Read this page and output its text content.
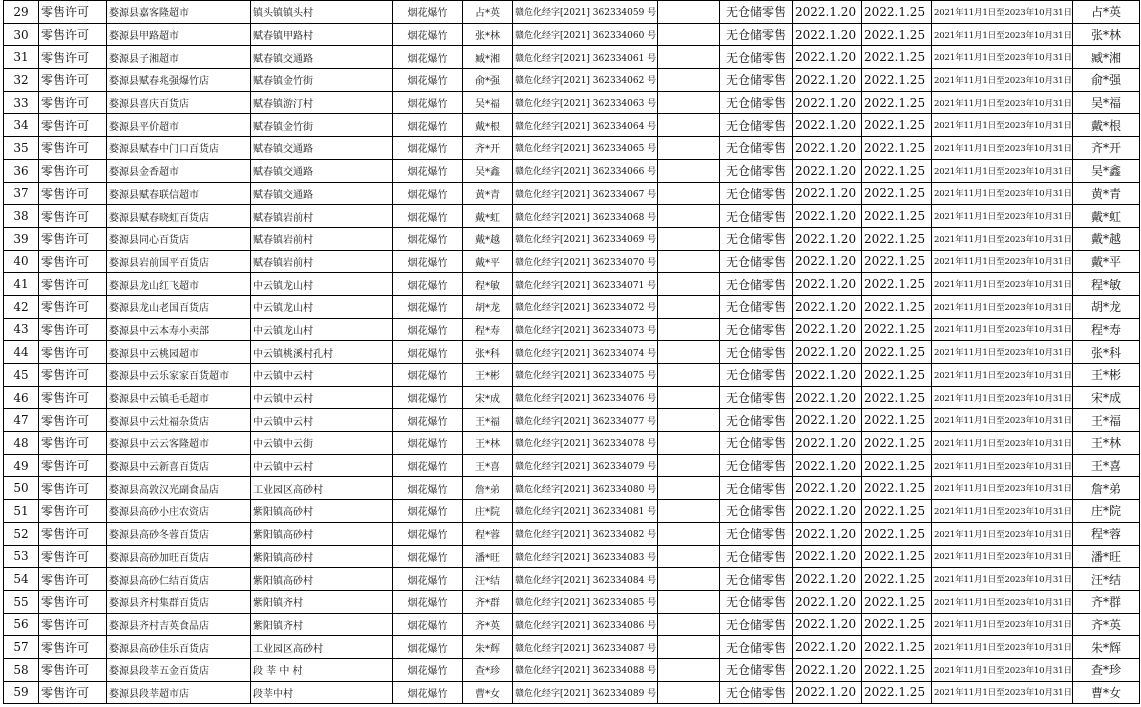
29	零售许可	婺源县嘉客隆超市	镇头镇镇头村	烟花爆竹	占*英	赣危化经字[2021] 362334059 号		无仓储零售	2022.1.20	2022.1.25	2021年11月1日至2023年10月31日	占*英
30	零售许可	婺源县甲路超市	赋春镇甲路村	烟花爆竹	张*林	赣危化经字[2021] 362334060 号		无仓储零售	2022.1.20	2022.1.25	2021年11月1日至2023年10月31日	张*林
31	零售许可	婺源县子湘超市	赋春镇交通路	烟花爆竹	臧*湘	赣危化经字[2021] 362334061 号		无仓储零售	2022.1.20	2022.1.25	2021年11月1日至2023年10月31日	臧*湘
32	零售许可	婺源县赋春兆强爆竹店	赋春镇金竹街	烟花爆竹	俞*强	赣危化经字[2021] 362334062 号		无仓储零售	2022.1.20	2022.1.25	2021年11月1日至2023年10月31日	俞*强
33	零售许可	婺源县喜庆百货店	赋春镇游汀村	烟花爆竹	吴*福	赣危化经字[2021] 362334063 号		无仓储零售	2022.1.20	2022.1.25	2021年11月1日至2023年10月31日	吴*福
34	零售许可	婺源县平价超市	赋春镇金竹街	烟花爆竹	戴*根	赣危化经字[2021] 362334064 号		无仓储零售	2022.1.20	2022.1.25	2021年11月1日至2023年10月31日	戴*根
35	零售许可	婺源县赋春中门口百货店	赋春镇交通路	烟花爆竹	齐*开	赣危化经字[2021] 362334065 号		无仓储零售	2022.1.20	2022.1.25	2021年11月1日至2023年10月31日	齐*开
36	零售许可	婺源县金香超市	赋春镇交通路	烟花爆竹	吴*鑫	赣危化经字[2021] 362334066 号		无仓储零售	2022.1.20	2022.1.25	2021年11月1日至2023年10月31日	吴*鑫
37	零售许可	婺源县赋春联信超市	赋春镇交通路	烟花爆竹	黄*青	赣危化经字[2021] 362334067 号		无仓储零售	2022.1.20	2022.1.25	2021年11月1日至2023年10月31日	黄*青
38	零售许可	婺源县赋春晓虹百货店	赋春镇岩前村	烟花爆竹	戴*虹	赣危化经字[2021] 362334068 号		无仓储零售	2022.1.20	2022.1.25	2021年11月1日至2023年10月31日	戴*虹
39	零售许可	婺源县同心百货店	赋春镇岩前村	烟花爆竹	戴*越	赣危化经字[2021] 362334069 号		无仓储零售	2022.1.20	2022.1.25	2021年11月1日至2023年10月31日	戴*越
40	零售许可	婺源县岩前国平百货店	赋春镇岩前村	烟花爆竹	戴*平	赣危化经字[2021] 362334070 号		无仓储零售	2022.1.20	2022.1.25	2021年11月1日至2023年10月31日	戴*平
41	零售许可	婺源县龙山红飞超市	中云镇龙山村	烟花爆竹	程*敏	赣危化经字[2021] 362334071 号		无仓储零售	2022.1.20	2022.1.25	2021年11月1日至2023年10月31日	程*敏
42	零售许可	婺源县龙山老国百货店	中云镇龙山村	烟花爆竹	胡*龙	赣危化经字[2021] 362334072 号		无仓储零售	2022.1.20	2022.1.25	2021年11月1日至2023年10月31日	胡*龙
43	零售许可	婺源县中云本寿小卖部	中云镇龙山村	烟花爆竹	程*寿	赣危化经字[2021] 362334073 号		无仓储零售	2022.1.20	2022.1.25	2021年11月1日至2023年10月31日	程*寿
44	零售许可	婺源县中云桃园超市	中云镇桃溪村孔村	烟花爆竹	张*科	赣危化经字[2021] 362334074 号		无仓储零售	2022.1.20	2022.1.25	2021年11月1日至2023年10月31日	张*科
45	零售许可	婺源县中云乐家家百货超市	中云镇中云村	烟花爆竹	王*彬	赣危化经字[2021] 362334075 号		无仓储零售	2022.1.20	2022.1.25	2021年11月1日至2023年10月31日	王*彬
46	零售许可	婺源县中云镇毛毛超市	中云镇中云村	烟花爆竹	宋*成	赣危化经字[2021] 362334076 号		无仓储零售	2022.1.20	2022.1.25	2021年11月1日至2023年10月31日	宋*成
47	零售许可	婺源县中云灶福杂货店	中云镇中云村	烟花爆竹	王*福	赣危化经字[2021] 362334077 号		无仓储零售	2022.1.20	2022.1.25	2021年11月1日至2023年10月31日	王*福
48	零售许可	婺源县中云云客隆超市	中云镇中云街	烟花爆竹	王*林	赣危化经字[2021] 362334078 号		无仓储零售	2022.1.20	2022.1.25	2021年11月1日至2023年10月31日	王*林
49	零售许可	婺源县中云新喜百货店	中云镇中云村	烟花爆竹	王*喜	赣危化经字[2021] 362334079 号		无仓储零售	2022.1.20	2022.1.25	2021年11月1日至2023年10月31日	王*喜
50	零售许可	婺源县高敦汉光副食品店	工业园区高砂村	烟花爆竹	詹*弟	赣危化经字[2021] 362334080 号		无仓储零售	2022.1.20	2022.1.25	2021年11月1日至2023年10月31日	詹*弟
51	零售许可	婺源县高砂小庄农资店	紫阳镇高砂村	烟花爆竹	庄*院	赣危化经字[2021] 362334081 号		无仓储零售	2022.1.20	2022.1.25	2021年11月1日至2023年10月31日	庄*院
52	零售许可	婺源县高砂冬蓉百货店	紫阳镇高砂村	烟花爆竹	程*蓉	赣危化经字[2021] 362334082 号		无仓储零售	2022.1.20	2022.1.25	2021年11月1日至2023年10月31日	程*蓉
53	零售许可	婺源县高砂加旺百货店	紫阳镇高砂村	烟花爆竹	潘*旺	赣危化经字[2021] 362334083 号		无仓储零售	2022.1.20	2022.1.25	2021年11月1日至2023年10月31日	潘*旺
54	零售许可	婺源县高砂仁结百货店	紫阳镇高砂村	烟花爆竹	汪*结	赣危化经字[2021] 362334084 号		无仓储零售	2022.1.20	2022.1.25	2021年11月1日至2023年10月31日	汪*结
55	零售许可	婺源县齐村集群百货店	紫阳镇齐村	烟花爆竹	齐*群	赣危化经字[2021] 362334085 号		无仓储零售	2022.1.20	2022.1.25	2021年11月1日至2023年10月31日	齐*群
56	零售许可	婺源县齐村吉英食品店	紫阳镇齐村	烟花爆竹	齐*英	赣危化经字[2021] 362334086 号		无仓储零售	2022.1.20	2022.1.25	2021年11月1日至2023年10月31日	齐*英
57	零售许可	婺源县高砂佳乐百货店	工业园区高砂村	烟花爆竹	朱*辉	赣危化经字[2021] 362334087 号		无仓储零售	2022.1.20	2022.1.25	2021年11月1日至2023年10月31日	朱*辉
58	零售许可	婺源县段莘五金百货店	段 莘 中 村	烟花爆竹	查*珍	赣危化经字[2021] 362334088 号		无仓储零售	2022.1.20	2022.1.25	2021年11月1日至2023年10月31日	查*珍
59	零售许可	婺源县段莘超市店	段莘中村	烟花爆竹	曹*女	赣危化经字[2021] 362334089 号		无仓储零售	2022.1.20	2022.1.25	2021年11月1日至2023年10月31日	曹*女
